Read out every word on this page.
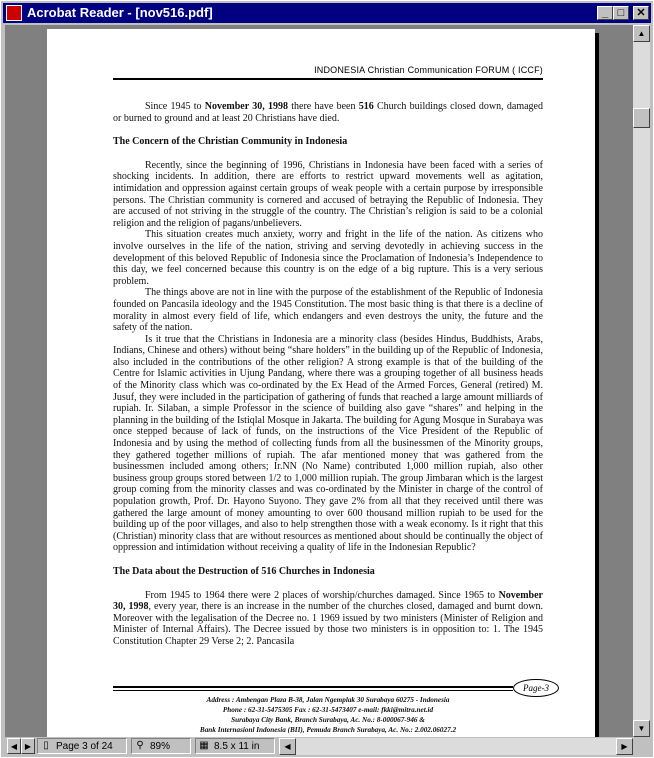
Acrobat Reader - [nov516.pdf]	_ □	✕
INDONESIA Christian Communication FORUM ( ICCF)

Since 1945 to November 30, 1998 there have been 516 Church buildings closed down, damaged or burned to ground and at least 20 Christians have died.

The Concern of the Christian Community in Indonesia

Recently, since the beginning of 1996, Christians in Indonesia have been faced with a series of shocking incidents. In addition, there are efforts to restrict upward movements well as agitation, intimidation and oppression against certain groups of weak people with a certain purpose by irresponsible persons. The Christian community is cornered and accused of betraying the Republic of Indonesia. They are accused of not striving in the struggle of the country. The Christian’s religion is said to be a colonial religion and the religion of pagans/unbelievers.

This situation creates much anxiety, worry and fright in the life of the nation. As citizens who involve ourselves in the life of the nation, striving and serving devotedly in achieving success in the development of this beloved Republic of Indonesia since the Proclamation of Indonesia’s Independence to this day, we feel concerned because this country is on the edge of a big rupture. This is a very serious problem.

The things above are not in line with the purpose of the establishment of the Republic of Indonesia founded on Pancasila ideology and the 1945 Constitution. The most basic thing is that there is a decline of morality in almost every field of life, which endangers and even destroys the unity, the future and the safety of the nation.

Is it true that the Christians in Indonesia are a minority class (besides Hindus, Buddhists, Arabs, Indians, Chinese and others) without being “share holders” in the building up of the Republic of Indonesia, also included in the contributions of the other religion? A strong example is that of the building of the Centre for Islamic activities in Ujung Pandang, where there was a grouping together of all business heads of the Minority class which was co-ordinated by the Ex Head of the Armed Forces, General (retired) M. Jusuf, they were included in the participation of gathering of funds that reached a large amount milliards of rupiah. Ir. Silaban, a simple Professor in the science of building also gave “shares” and helping in the planning in the building of the Istiqlal Mosque in Jakarta. The building for Agung Mosque in Surabaya was once stepped because of lack of funds, on the instructions of the Vice President of the Republic of Indonesia and by using the method of collecting funds from all the businessmen of the Minority groups, they gathered together millions of rupiah. The afar mentioned money that was gathered from the businessmen included among others; Ir.NN (No Name) contributed 1,000 million rupiah, also other business group groups stored between 1/2 to 1,000 million rupiah. The group Jimbaran which is the largest group coming from the minority classes and was co-ordinated by the Minister in charge of the control of population growth, Prof. Dr. Hayono Suyono. They gave 2% from all that they received until there was gathered the large amount of money amounting to over 600 thousand million rupiah to be used for the building up of the poor villages, and also to help strengthen those with a weak economy. Is it right that this (Christian) minority class that are without resources as mentioned about should be continually the object of oppression and intimidation without receiving a quality of life in the Indonesian Republic?

The Data about the Destruction of 516 Churches in Indonesia

From 1945 to 1964 there were 2 places of worship/churches damaged. Since 1965 to November 30, 1998, every year, there is an increase in the number of the churches closed, damaged and burnt down. Moreover with the legalisation of the Decree no. 1 1969 issued by two ministers (Minister of Religion and Minister of Internal Affairs). The Decree issued by those two ministers is in opposition to: 1. The 1945 Constitution Chapter 29 Verse 2; 2. Pancasila

Page-3
Address : Ambengan Plaza B-38, Jalan Ngemplak 30 Surabaya 60275 - Indonesia
Phone : 62-31-5475305 Fax : 62-31-5473407 e-mail: fkki@mitra.net.id
Surabaya City Bank, Branch Surabaya, Ac. No.: 8-000067-946 &
Bank Internasionl Indonesia (BII), Pemuda Branch Surabaya, Ac. No.: 2.002.06027.2
▲
▼
◀ ▶	▯ Page 3 of 24	⚲ 89%	▦ 8.5 x 11 in	◀	▶
